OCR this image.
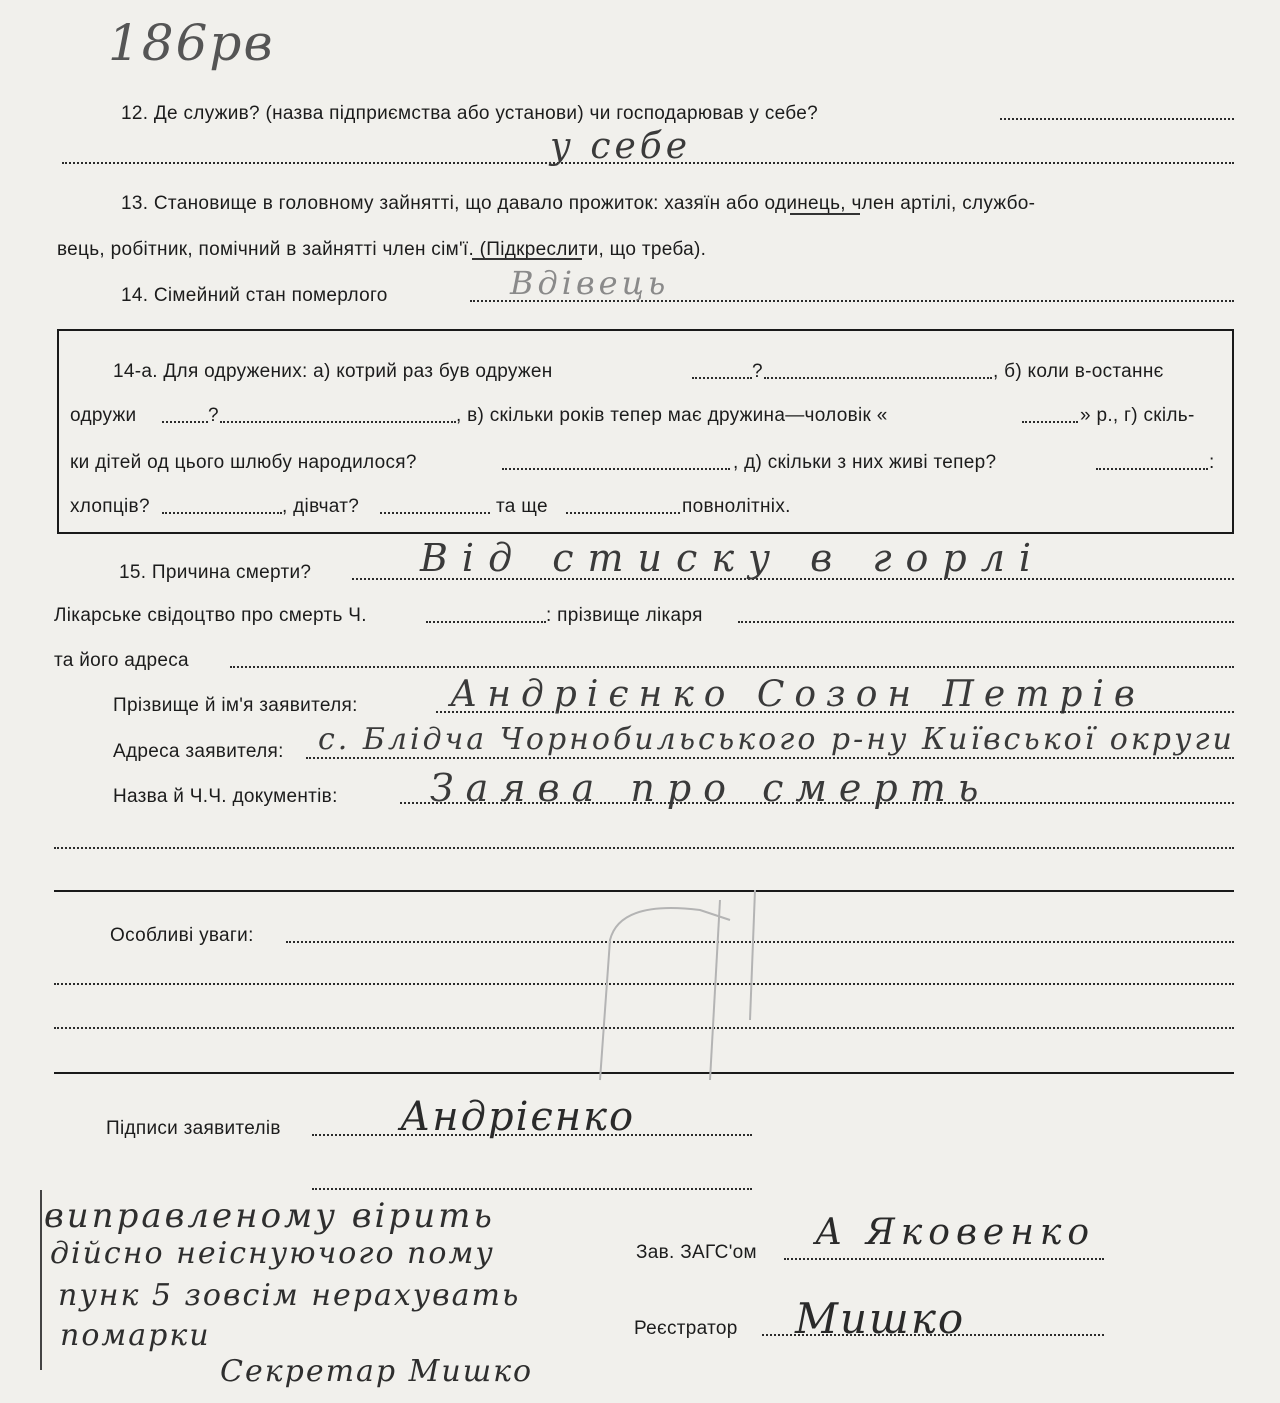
186рв
12. Де служив? (назва підприємства або установи) чи господарював у себе?
у себе
13. Становище в головному зайнятті, що давало прожиток: хазяїн або одинець, член артілі, службо-
вець, робітник, помічний в зайнятті член сім'ї. (Підкреслити, що треба).
14. Сімейний стан померлого	Вдівець
14-а. Для одружених: а) котрий раз був одружен	?	, б) коли в-останнє
одружи	?	, в) скільки років тепер має дружина—чоловік «	» р., г) скіль-
ки дітей од цього шлюбу народилося?	, д) скільки з них живі тепер?	:
хлопців?	, дівчат?	та ще	повнолітніх.
15. Причина смерти?	Від стиску в горлі
Лікарське свідоцтво про смерть Ч.	: прізвище лікаря
та його адреса
Прізвище й ім'я заявителя:	Андрієнко Созон Петрів
Адреса заявителя: с. Блідча Чорнобильського р-ну Київської округи
Назва й Ч.Ч. документів: Заява про смерть
Особливі уваги:
Підписи заявителів	Андрієнко
Зав. ЗАГС'ом А Яковенко
Реєстратор Мишко
виправленому вірить
дійсно неіснуючого пому
пунк 5 зовсім нерахувать
помарки
Секретар Мишко
